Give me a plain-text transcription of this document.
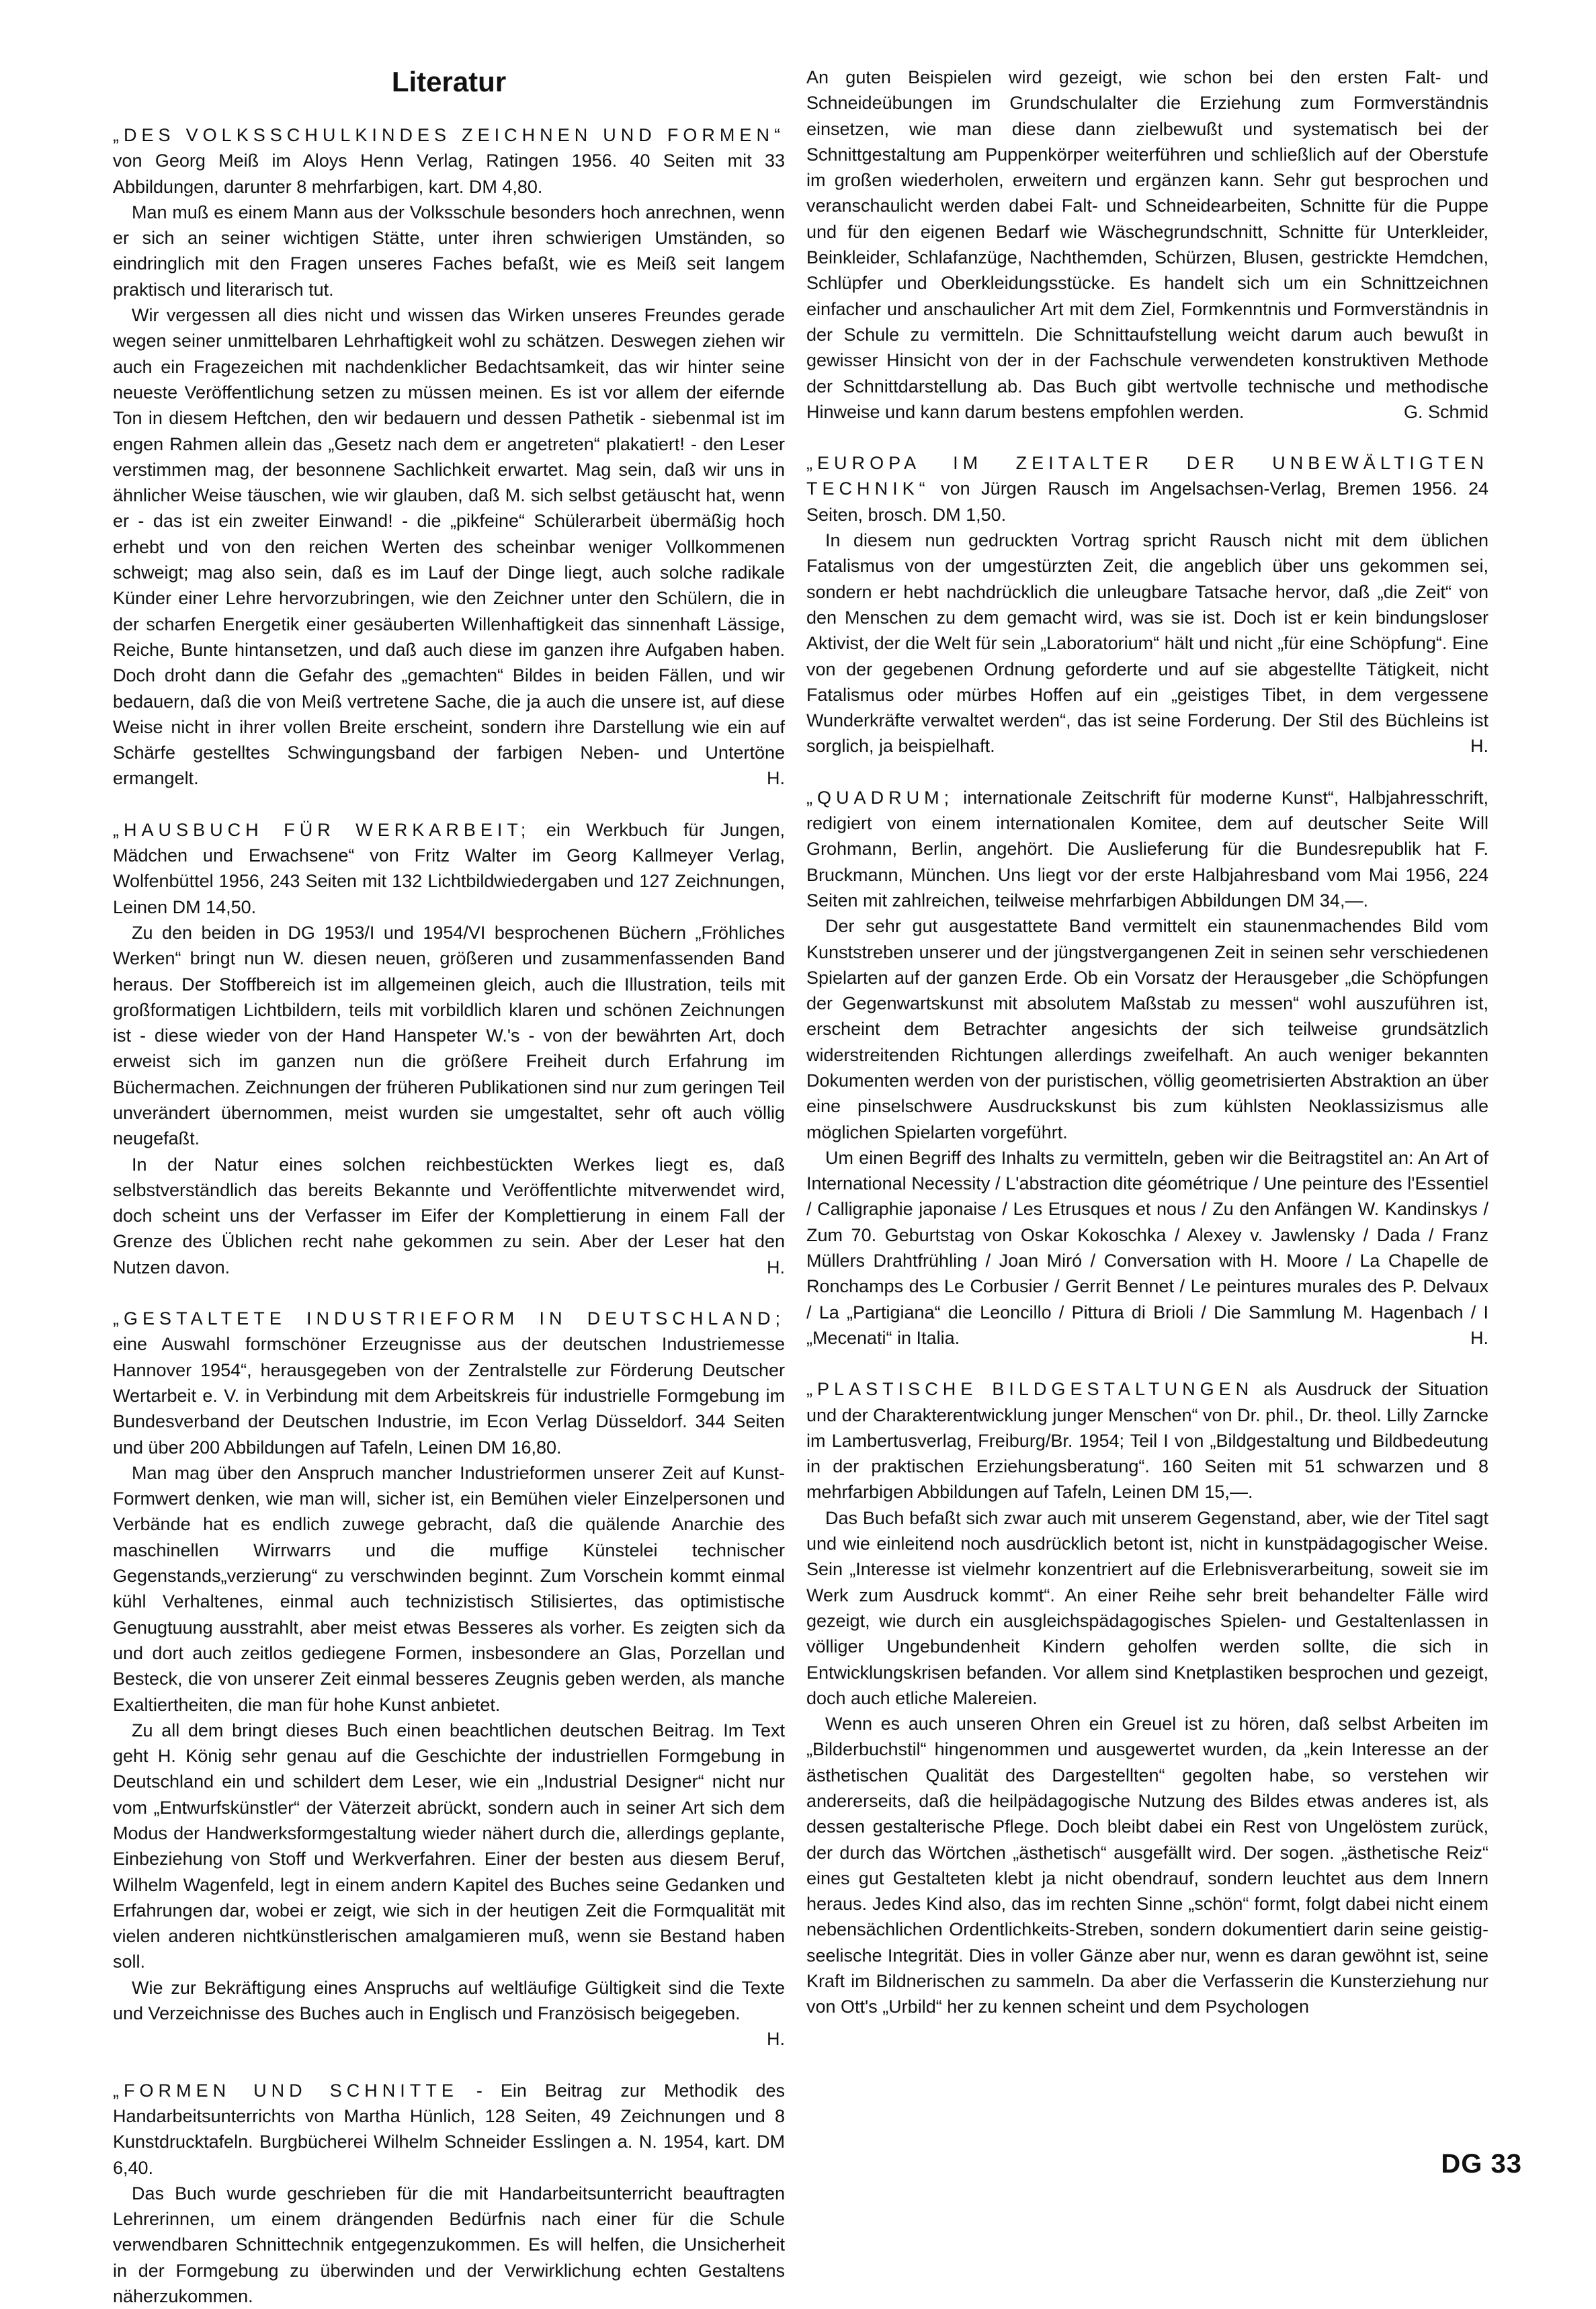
Literatur

„DES VOLKSSCHULKINDES ZEICHNEN UND FORMEN“ von Georg Meiß im Aloys Henn Verlag, Ratingen 1956. 40 Seiten mit 33 Abbildungen, darunter 8 mehrfarbigen, kart. DM 4,80.

Man muß es einem Mann aus der Volksschule besonders hoch anrechnen, wenn er sich an seiner wichtigen Stätte, unter ihren schwierigen Umständen, so eindringlich mit den Fragen unseres Faches befaßt, wie es Meiß seit langem praktisch und literarisch tut.

Wir vergessen all dies nicht und wissen das Wirken unseres Freundes gerade wegen seiner unmittelbaren Lehrhaftigkeit wohl zu schätzen. Deswegen ziehen wir auch ein Fragezeichen mit nachdenklicher Bedachtsamkeit, das wir hinter seine neueste Veröffentlichung setzen zu müssen meinen. Es ist vor allem der eifernde Ton in diesem Heftchen, den wir bedauern und dessen Pathetik - siebenmal ist im engen Rahmen allein das „Gesetz nach dem er angetreten“ plakatiert! - den Leser verstimmen mag, der besonnene Sachlichkeit erwartet. Mag sein, daß wir uns in ähnlicher Weise täuschen, wie wir glauben, daß M. sich selbst getäuscht hat, wenn er - das ist ein zweiter Einwand! - die „pikfeine“ Schülerarbeit übermäßig hoch erhebt und von den reichen Werten des scheinbar weniger Vollkommenen schweigt; mag also sein, daß es im Lauf der Dinge liegt, auch solche radikale Künder einer Lehre hervorzubringen, wie den Zeichner unter den Schülern, die in der scharfen Energetik einer gesäuberten Willenhaftigkeit das sinnenhaft Lässige, Reiche, Bunte hintansetzen, und daß auch diese im ganzen ihre Aufgaben haben. Doch droht dann die Gefahr des „gemachten“ Bildes in beiden Fällen, und wir bedauern, daß die von Meiß vertretene Sache, die ja auch die unsere ist, auf diese Weise nicht in ihrer vollen Breite erscheint, sondern ihre Darstellung wie ein auf Schärfe gestelltes Schwingungsband der farbigen Neben- und Untertöne ermangelt.	H.

„HAUSBUCH FÜR WERKARBEIT; ein Werkbuch für Jungen, Mädchen und Erwachsene“ von Fritz Walter im Georg Kallmeyer Verlag, Wolfenbüttel 1956, 243 Seiten mit 132 Lichtbildwiedergaben und 127 Zeichnungen, Leinen DM 14,50.

Zu den beiden in DG 1953/I und 1954/VI besprochenen Büchern „Fröhliches Werken“ bringt nun W. diesen neuen, größeren und zusammenfassenden Band heraus. Der Stoffbereich ist im allgemeinen gleich, auch die Illustration, teils mit großformatigen Lichtbildern, teils mit vorbildlich klaren und schönen Zeichnungen ist - diese wieder von der Hand Hanspeter W.'s - von der bewährten Art, doch erweist sich im ganzen nun die größere Freiheit durch Erfahrung im Büchermachen. Zeichnungen der früheren Publikationen sind nur zum geringen Teil unverändert übernommen, meist wurden sie umgestaltet, sehr oft auch völlig neugefaßt.

In der Natur eines solchen reichbestückten Werkes liegt es, daß selbstverständlich das bereits Bekannte und Veröffentlichte mitverwendet wird, doch scheint uns der Verfasser im Eifer der Komplettierung in einem Fall der Grenze des Üblichen recht nahe gekommen zu sein. Aber der Leser hat den Nutzen davon.	H.

„GESTALTETE INDUSTRIEFORM IN DEUTSCHLAND; eine Auswahl formschöner Erzeugnisse aus der deutschen Industriemesse Hannover 1954“, herausgegeben von der Zentralstelle zur Förderung Deutscher Wertarbeit e. V. in Verbindung mit dem Arbeitskreis für industrielle Formgebung im Bundesverband der Deutschen Industrie, im Econ Verlag Düsseldorf. 344 Seiten und über 200 Abbildungen auf Tafeln, Leinen DM 16,80.

Man mag über den Anspruch mancher Industrieformen unserer Zeit auf Kunst-Formwert denken, wie man will, sicher ist, ein Bemühen vieler Einzelpersonen und Verbände hat es endlich zuwege gebracht, daß die quälende Anarchie des maschinellen Wirrwarrs und die muffige Künstelei technischer Gegenstands„verzierung“ zu verschwinden beginnt. Zum Vorschein kommt einmal kühl Verhaltenes, einmal auch technizistisch Stilisiertes, das optimistische Genugtuung ausstrahlt, aber meist etwas Besseres als vorher. Es zeigten sich da und dort auch zeitlos gediegene Formen, insbesondere an Glas, Porzellan und Besteck, die von unserer Zeit einmal besseres Zeugnis geben werden, als manche Exaltiertheiten, die man für hohe Kunst anbietet.

Zu all dem bringt dieses Buch einen beachtlichen deutschen Beitrag. Im Text geht H. König sehr genau auf die Geschichte der industriellen Formgebung in Deutschland ein und schildert dem Leser, wie ein „Industrial Designer“ nicht nur vom „Entwurfskünstler“ der Väterzeit abrückt, sondern auch in seiner Art sich dem Modus der Handwerksformgestaltung wieder nähert durch die, allerdings geplante, Einbeziehung von Stoff und Werkverfahren. Einer der besten aus diesem Beruf, Wilhelm Wagenfeld, legt in einem andern Kapitel des Buches seine Gedanken und Erfahrungen dar, wobei er zeigt, wie sich in der heutigen Zeit die Formqualität mit vielen anderen nichtkünstlerischen amalgamieren muß, wenn sie Bestand haben soll.

Wie zur Bekräftigung eines Anspruchs auf weltläufige Gültigkeit sind die Texte und Verzeichnisse des Buches auch in Englisch und Französisch beigegeben.
H.

„FORMEN UND SCHNITTE - Ein Beitrag zur Methodik des Handarbeitsunterrichts von Martha Hünlich, 128 Seiten, 49 Zeichnungen und 8 Kunstdrucktafeln. Burgbücherei Wilhelm Schneider Esslingen a. N. 1954, kart. DM 6,40.

Das Buch wurde geschrieben für die mit Handarbeitsunterricht beauftragten Lehrerinnen, um einem drängenden Bedürfnis nach einer für die Schule verwendbaren Schnittechnik entgegenzukommen. Es will helfen, die Unsicherheit in der Formgebung zu überwinden und der Verwirklichung echten Gestaltens näherzukommen.

An guten Beispielen wird gezeigt, wie schon bei den ersten Falt- und Schneideübungen im Grundschulalter die Erziehung zum Formverständnis einsetzen, wie man diese dann zielbewußt und systematisch bei der Schnittgestaltung am Puppenkörper weiterführen und schließlich auf der Oberstufe im großen wiederholen, erweitern und ergänzen kann. Sehr gut besprochen und veranschaulicht werden dabei Falt- und Schneidearbeiten, Schnitte für die Puppe und für den eigenen Bedarf wie Wäschegrundschnitt, Schnitte für Unterkleider, Beinkleider, Schlafanzüge, Nachthemden, Schürzen, Blusen, gestrickte Hemdchen, Schlüpfer und Oberkleidungsstücke. Es handelt sich um ein Schnittzeichnen einfacher und anschaulicher Art mit dem Ziel, Formkenntnis und Formverständnis in der Schule zu vermitteln. Die Schnittaufstellung weicht darum auch bewußt in gewisser Hinsicht von der in der Fachschule verwendeten konstruktiven Methode der Schnittdarstellung ab. Das Buch gibt wertvolle technische und methodische Hinweise und kann darum bestens empfohlen werden.	G. Schmid

„EUROPA IM ZEITALTER DER UNBEWÄLTIGTEN TECHNIK“ von Jürgen Rausch im Angelsachsen-Verlag, Bremen 1956. 24 Seiten, brosch. DM 1,50.

In diesem nun gedruckten Vortrag spricht Rausch nicht mit dem üblichen Fatalismus von der umgestürzten Zeit, die angeblich über uns gekommen sei, sondern er hebt nachdrücklich die unleugbare Tatsache hervor, daß „die Zeit“ von den Menschen zu dem gemacht wird, was sie ist. Doch ist er kein bindungsloser Aktivist, der die Welt für sein „Laboratorium“ hält und nicht „für eine Schöpfung“. Eine von der gegebenen Ordnung geforderte und auf sie abgestellte Tätigkeit, nicht Fatalismus oder mürbes Hoffen auf ein „geistiges Tibet, in dem vergessene Wunderkräfte verwaltet werden“, das ist seine Forderung. Der Stil des Büchleins ist sorglich, ja beispielhaft.	H.

„QUADRUM; internationale Zeitschrift für moderne Kunst“, Halbjahresschrift, redigiert von einem internationalen Komitee, dem auf deutscher Seite Will Grohmann, Berlin, angehört. Die Auslieferung für die Bundesrepublik hat F. Bruckmann, München. Uns liegt vor der erste Halbjahresband vom Mai 1956, 224 Seiten mit zahlreichen, teilweise mehrfarbigen Abbildungen DM 34,—.

Der sehr gut ausgestattete Band vermittelt ein staunenmachendes Bild vom Kunststreben unserer und der jüngstvergangenen Zeit in seinen sehr verschiedenen Spielarten auf der ganzen Erde. Ob ein Vorsatz der Herausgeber „die Schöpfungen der Gegenwartskunst mit absolutem Maßstab zu messen“ wohl auszuführen ist, erscheint dem Betrachter angesichts der sich teilweise grundsätzlich widerstreitenden Richtungen allerdings zweifelhaft. An auch weniger bekannten Dokumenten werden von der puristischen, völlig geometrisierten Abstraktion an über eine pinselschwere Ausdruckskunst bis zum kühlsten Neoklassizismus alle möglichen Spielarten vorgeführt.

Um einen Begriff des Inhalts zu vermitteln, geben wir die Beitragstitel an: An Art of International Necessity / L'abstraction dite géométrique / Une peinture des l'Essentiel / Calligraphie japonaise / Les Etrusques et nous / Zu den Anfängen W. Kandinskys / Zum 70. Geburtstag von Oskar Kokoschka / Alexey v. Jawlensky / Dada / Franz Müllers Drahtfrühling / Joan Miró / Conversation with H. Moore / La Chapelle de Ronchamps des Le Corbusier / Gerrit Bennet / Le peintures murales des P. Delvaux / La „Partigiana“ die Leoncillo / Pittura di Brioli / Die Sammlung M. Hagenbach / I „Mecenati“ in Italia.	H.

„PLASTISCHE BILDGESTALTUNGEN als Ausdruck der Situation und der Charakterentwicklung junger Menschen“ von Dr. phil., Dr. theol. Lilly Zarncke im Lambertusverlag, Freiburg/Br. 1954; Teil I von „Bildgestaltung und Bildbedeutung in der praktischen Erziehungsberatung“. 160 Seiten mit 51 schwarzen und 8 mehrfarbigen Abbildungen auf Tafeln, Leinen DM 15,—.

Das Buch befaßt sich zwar auch mit unserem Gegenstand, aber, wie der Titel sagt und wie einleitend noch ausdrücklich betont ist, nicht in kunstpädagogischer Weise. Sein „Interesse ist vielmehr konzentriert auf die Erlebnisverarbeitung, soweit sie im Werk zum Ausdruck kommt“. An einer Reihe sehr breit behandelter Fälle wird gezeigt, wie durch ein ausgleichspädagogisches Spielen- und Gestaltenlassen in völliger Ungebundenheit Kindern geholfen werden sollte, die sich in Entwicklungskrisen befanden. Vor allem sind Knetplastiken besprochen und gezeigt, doch auch etliche Malereien.

Wenn es auch unseren Ohren ein Greuel ist zu hören, daß selbst Arbeiten im „Bilderbuchstil“ hingenommen und ausgewertet wurden, da „kein Interesse an der ästhetischen Qualität des Dargestellten“ gegolten habe, so verstehen wir andererseits, daß die heilpädagogische Nutzung des Bildes etwas anderes ist, als dessen gestalterische Pflege. Doch bleibt dabei ein Rest von Ungelöstem zurück, der durch das Wörtchen „ästhetisch“ ausgefällt wird. Der sogen. „ästhetische Reiz“ eines gut Gestalteten klebt ja nicht obendrauf, sondern leuchtet aus dem Innern heraus. Jedes Kind also, das im rechten Sinne „schön“ formt, folgt dabei nicht einem nebensächlichen Ordentlichkeits-Streben, sondern dokumentiert darin seine geistig-seelische Integrität. Dies in voller Gänze aber nur, wenn es daran gewöhnt ist, seine Kraft im Bildnerischen zu sammeln. Da aber die Verfasserin die Kunsterziehung nur von Ott's „Urbild“ her zu kennen scheint und dem Psychologen

DG 33
